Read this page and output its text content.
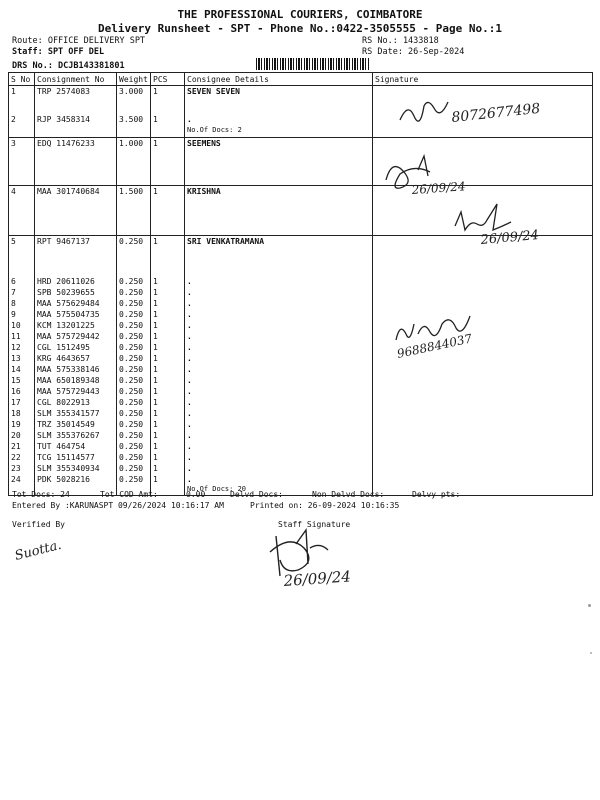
THE PROFESSIONAL COURIERS, COIMBATORE
Delivery Runsheet - SPT - Phone No.:0422-3505555 - Page No.:1
Route: OFFICE DELIVERY SPT
Staff: SPT OFF DEL
DRS No.: DCJB143381801
RS No.: 1433818
RS Date: 26-Sep-2024
S No	Consignment No	Weight	PCS	Consignee Details	Signature
1	TRP 2574083	3.000	1	SEVEN SEVEN	
2	RJP 3458314	3.500	1	.
No.Of Docs: 2	

3	EDQ 11476233	1.000	1	SEEMENS	
4	MAA 301740684	1.500	1	KRISHNA	
5	RPT 9467137	0.250	1	SRI VENKATRAMANA	
6	HRD 20611026	0.250	1	.	
7	SPB 50239655	0.250	1	.	
8	MAA 575629484	0.250	1	.	
9	MAA 575504735	0.250	1	.	
10	KCM 13201225	0.250	1	.	
11	MAA 575729442	0.250	1	.	
12	CGL 1512495	0.250	1	.	
13	KRG 4643657	0.250	1	.	
14	MAA 575338146	0.250	1	.	
15	MAA 650189348	0.250	1	.	
16	MAA 575729443	0.250	1	.	
17	CGL 8022913	0.250	1	.	
18	SLM 355341577	0.250	1	.	
19	TRZ 35014549	0.250	1	.	
20	SLM 355376267	0.250	1	.	
21	TUT 464754	0.250	1	.	
22	TCG 15114577	0.250	1	.	
23	SLM 355340934	0.250	1	.	
24	PDK 5028216	0.250	1	.
No.Of Docs: 20	

Tot Docs: 24	Tot COD Amt:	0.00	Delvd Docs:	Non Delvd Docs:	Delvy pts:
Entered By :KARUNASPT 09/26/2024 10:16:17 AM	Printed on: 26-09-2024 10:16:35
Verified By	Staff Signature
8072677498
26/09/24
26/09/24
9688844037
Suotta.
26/09/24
